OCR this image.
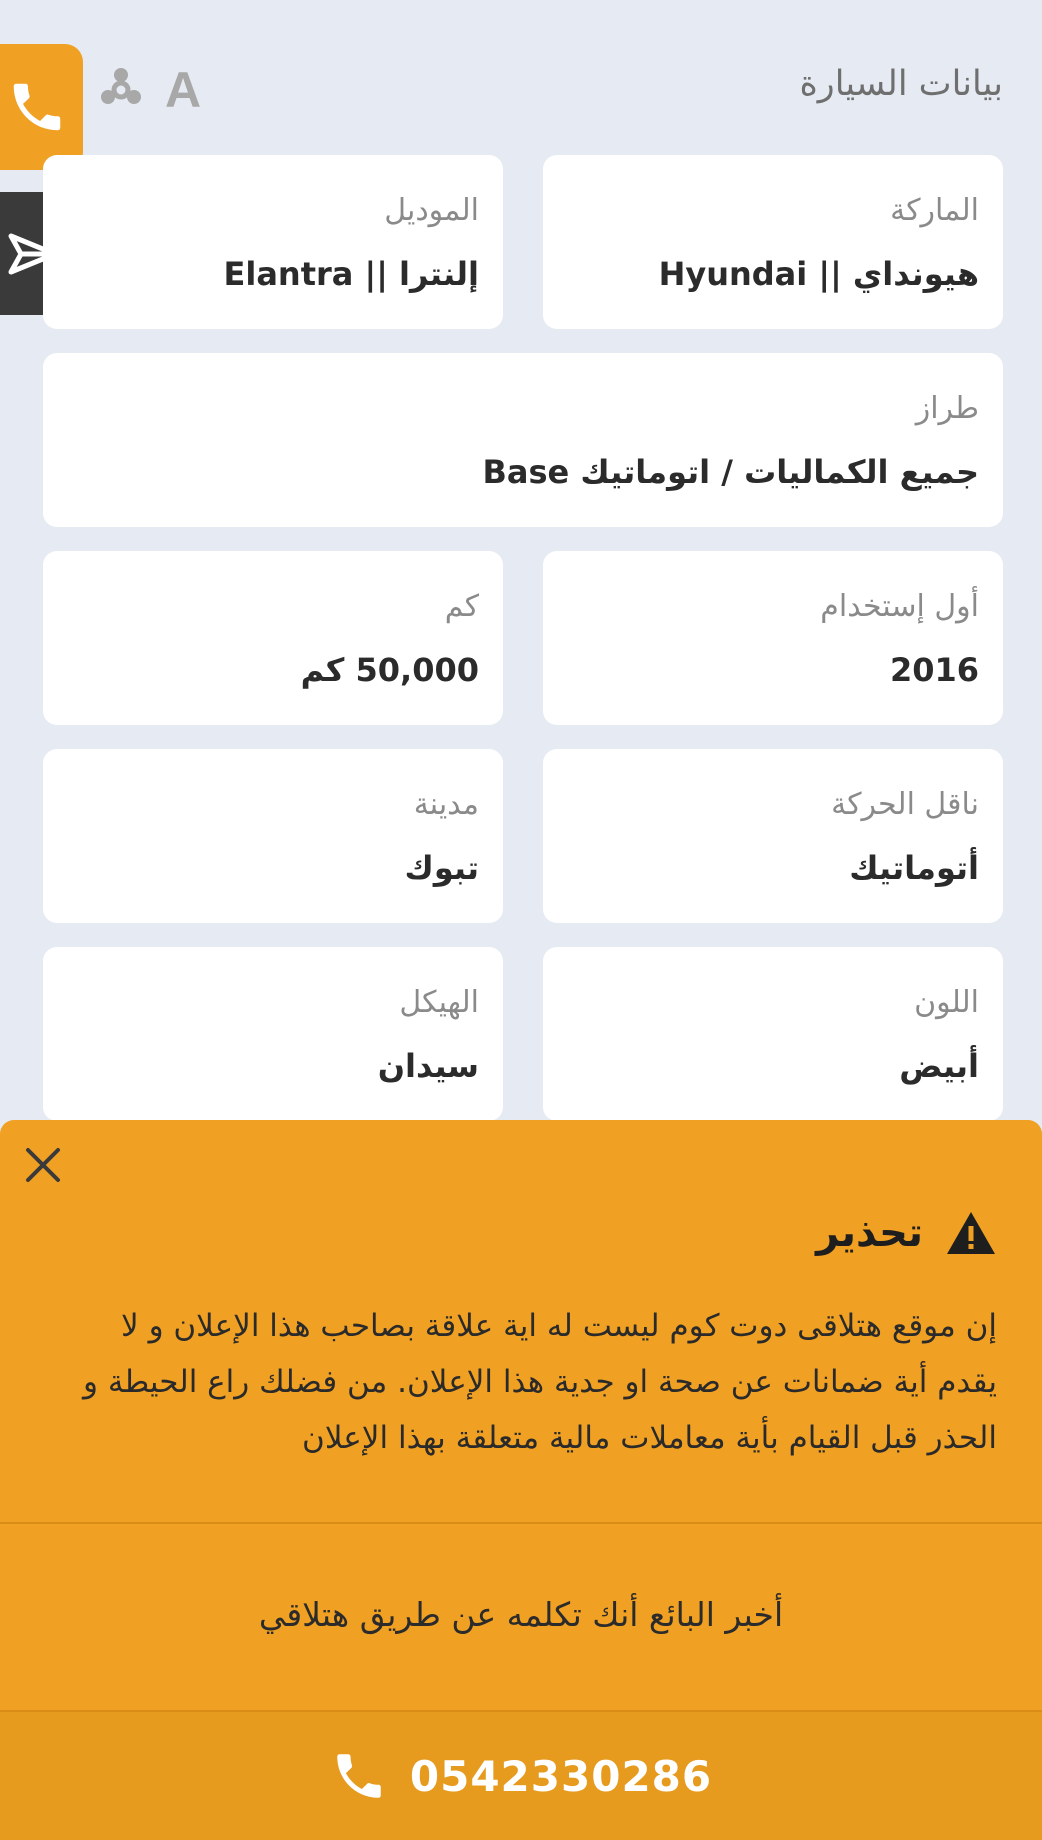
بيانات السيارة
A
الماركة
هيونداي || Hyundai
الموديل
إلنترا || Elantra
طراز
جميع الكماليات / اتوماتيك Base
أول إستخدام
2016
كم
50,000 كم
ناقل الحركة
أتوماتيك
مدينة
تبوك
اللون
أبيض
الهيكل
سيدان
تحذير
إن موقع هتلاقى دوت كوم ليست له اية علاقة بصاحب هذا الإعلان و لا يقدم أية ضمانات عن صحة او جدية هذا الإعلان. من فضلك راع الحيطة و الحذر قبل القيام بأية معاملات مالية متعلقة بهذا الإعلان
أخبر البائع أنك تكلمه عن طريق هتلاقي
0542330286
